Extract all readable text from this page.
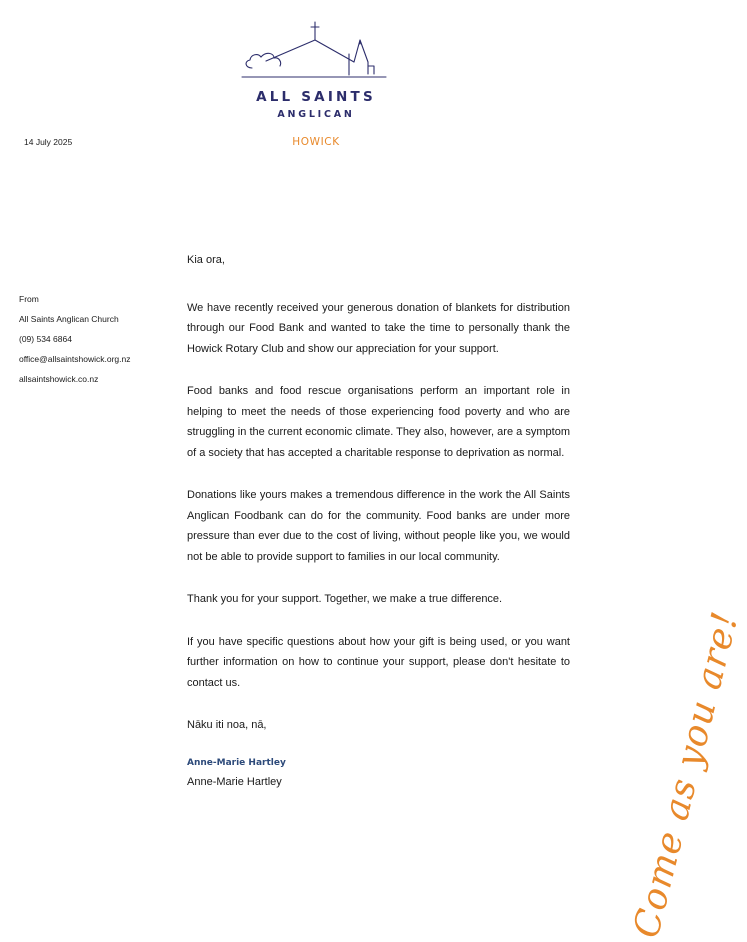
ALL SAINTS
ANGLICAN
HOWICK
14 July 2025
From
All Saints Anglican Church
(09) 534 6864
office@allsaintshowick.org.nz
allsaintshowick.co.nz

Kia ora,

We have recently received your generous donation of blankets for distribution through our Food Bank and wanted to take the time to personally thank the Howick Rotary Club and show our appreciation for your support.

Food banks and food rescue organisations perform an important role in helping to meet the needs of those experiencing food poverty and who are struggling in the current economic climate. They also, however, are a symptom of a society that has accepted a charitable response to deprivation as normal.

Donations like yours makes a tremendous difference in the work the All Saints Anglican Foodbank can do for the community. Food banks are under more pressure than ever due to the cost of living, without people like you, we would not be able to provide support to families in our local community.

Thank you for your support. Together, we make a true difference.

If you have specific questions about how your gift is being used, or you want further information on how to continue your support, please don't hesitate to contact us.

Nāku iti noa, nā,

Anne-Marie Hartley
Anne-Marie Hartley	Come as you are!
